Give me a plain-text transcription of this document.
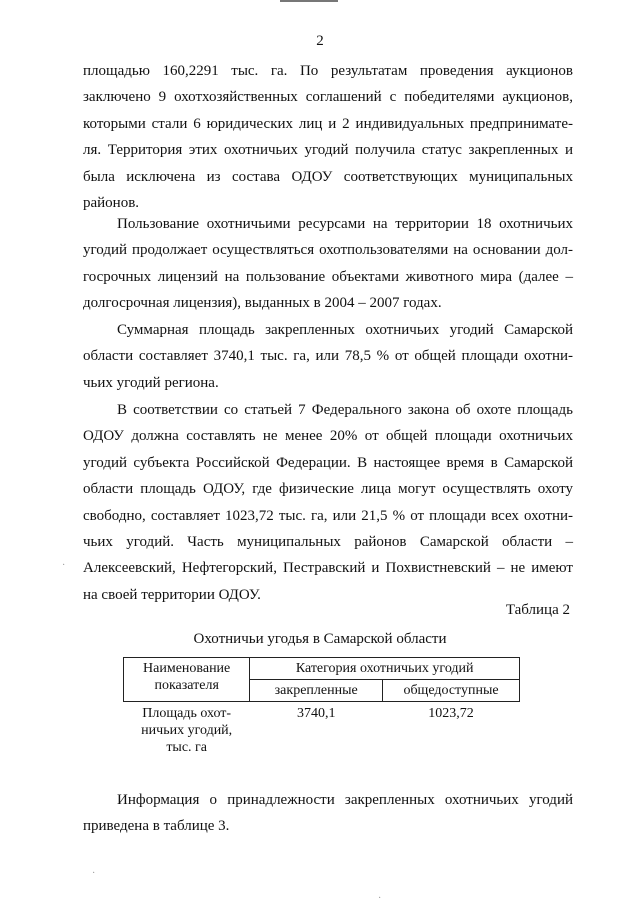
2

площадью 160,2291 тыс. га. По результатам проведения аукционов заключено 9 охотхозяйственных соглашений с победителями аукционов, которыми стали 6 юридических лиц и 2 индивидуальных предпринимате-ля. Территория этих охотничьих угодий получила статус закрепленных и была исключена из состава ОДОУ соответствующих муниципальных районов.

Пользование охотничьими ресурсами на территории 18 охотничьих угодий продолжает осуществляться охотпользователями на основании дол-госрочных лицензий на пользование объектами животного мира (далее – долгосрочная лицензия), выданных в 2004 – 2007 годах.

Суммарная площадь закрепленных охотничьих угодий Самарской области составляет 3740,1 тыс. га, или 78,5 % от общей площади охотни-чьих угодий региона.

В соответствии со статьей 7 Федерального закона об охоте площадь ОДОУ должна составлять не менее 20% от общей площади охотничьих угодий субъекта Российской Федерации. В настоящее время в Самарской области площадь ОДОУ, где физические лица могут осуществлять охоту свободно, составляет 1023,72 тыс. га, или 21,5 % от площади всех охотни-чьих угодий. Часть муниципальных районов Самарской области – Алексеевский, Нефтегорский, Пестравский и Похвистневский – не имеют на своей территории ОДОУ.

Таблица 2

Охотничьи угодья в Самарской области

Наименование показателя	Категория охотничьих угодий	
	закрепленные	общедоступные
Площадь охот-ничьих угодий, тыс. га	3740,1	1023,72

Информация о принадлежности закрепленных охотничьих угодий приведена в таблице 3.

·
·
·
